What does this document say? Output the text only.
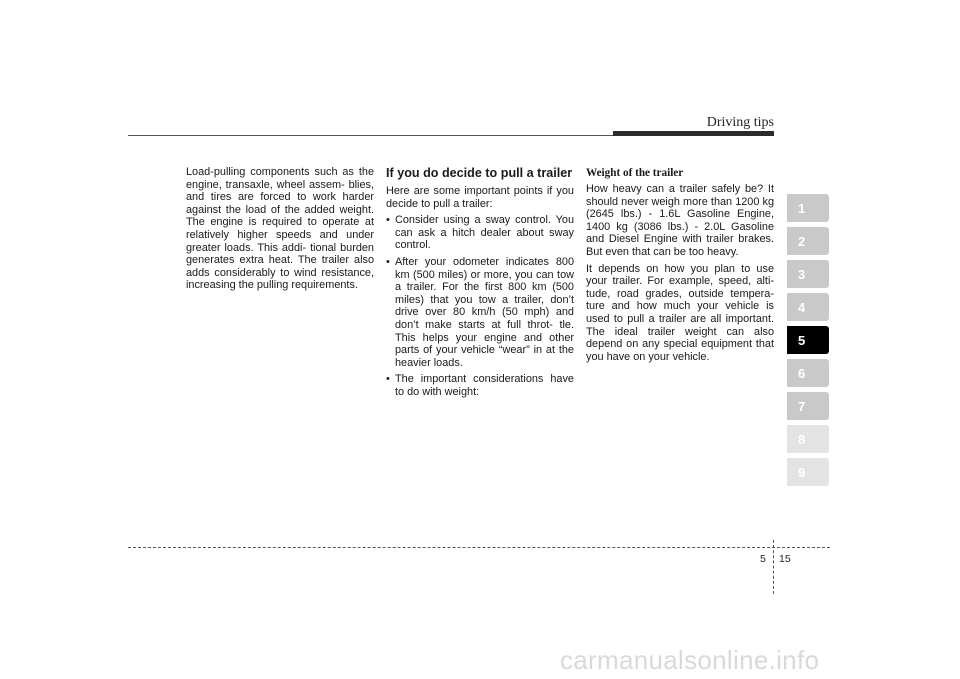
Driving tips

Load-pulling components such as the engine, transaxle, wheel assem- blies, and tires are forced to work harder against the load of the added weight. The engine is required to operate at relatively higher speeds and under greater loads. This addi- tional burden generates extra heat. The trailer also adds considerably to wind resistance, increasing the pulling requirements.

If you do decide to pull a trailer

Here are some important points if you decide to pull a trailer:

• Consider using a sway control. You can ask a hitch dealer about sway control.
• After your odometer indicates 800 km (500 miles) or more, you can tow a trailer. For the first 800 km (500 miles) that you tow a trailer, don’t drive over 80 km/h (50 mph) and don’t make starts at full throt- tle. This helps your engine and other parts of your vehicle “wear” in at the heavier loads.
• The important considerations have to do with weight:
Weight of the trailer

How heavy can a trailer safely be? It should never weigh more than 1200 kg (2645 lbs.) - 1.6L Gasoline Engine, 1400 kg (3086 lbs.) - 2.0L Gasoline and Diesel Engine with trailer brakes. But even that can be too heavy.

It depends on how you plan to use your trailer. For example, speed, alti- tude, road grades, outside tempera- ture and how much your vehicle is used to pull a trailer are all important. The ideal trailer weight can also depend on any special equipment that you have on your vehicle.

1
2
3
4
5
6
7
8
9
5 15
carmanualsonline.info
